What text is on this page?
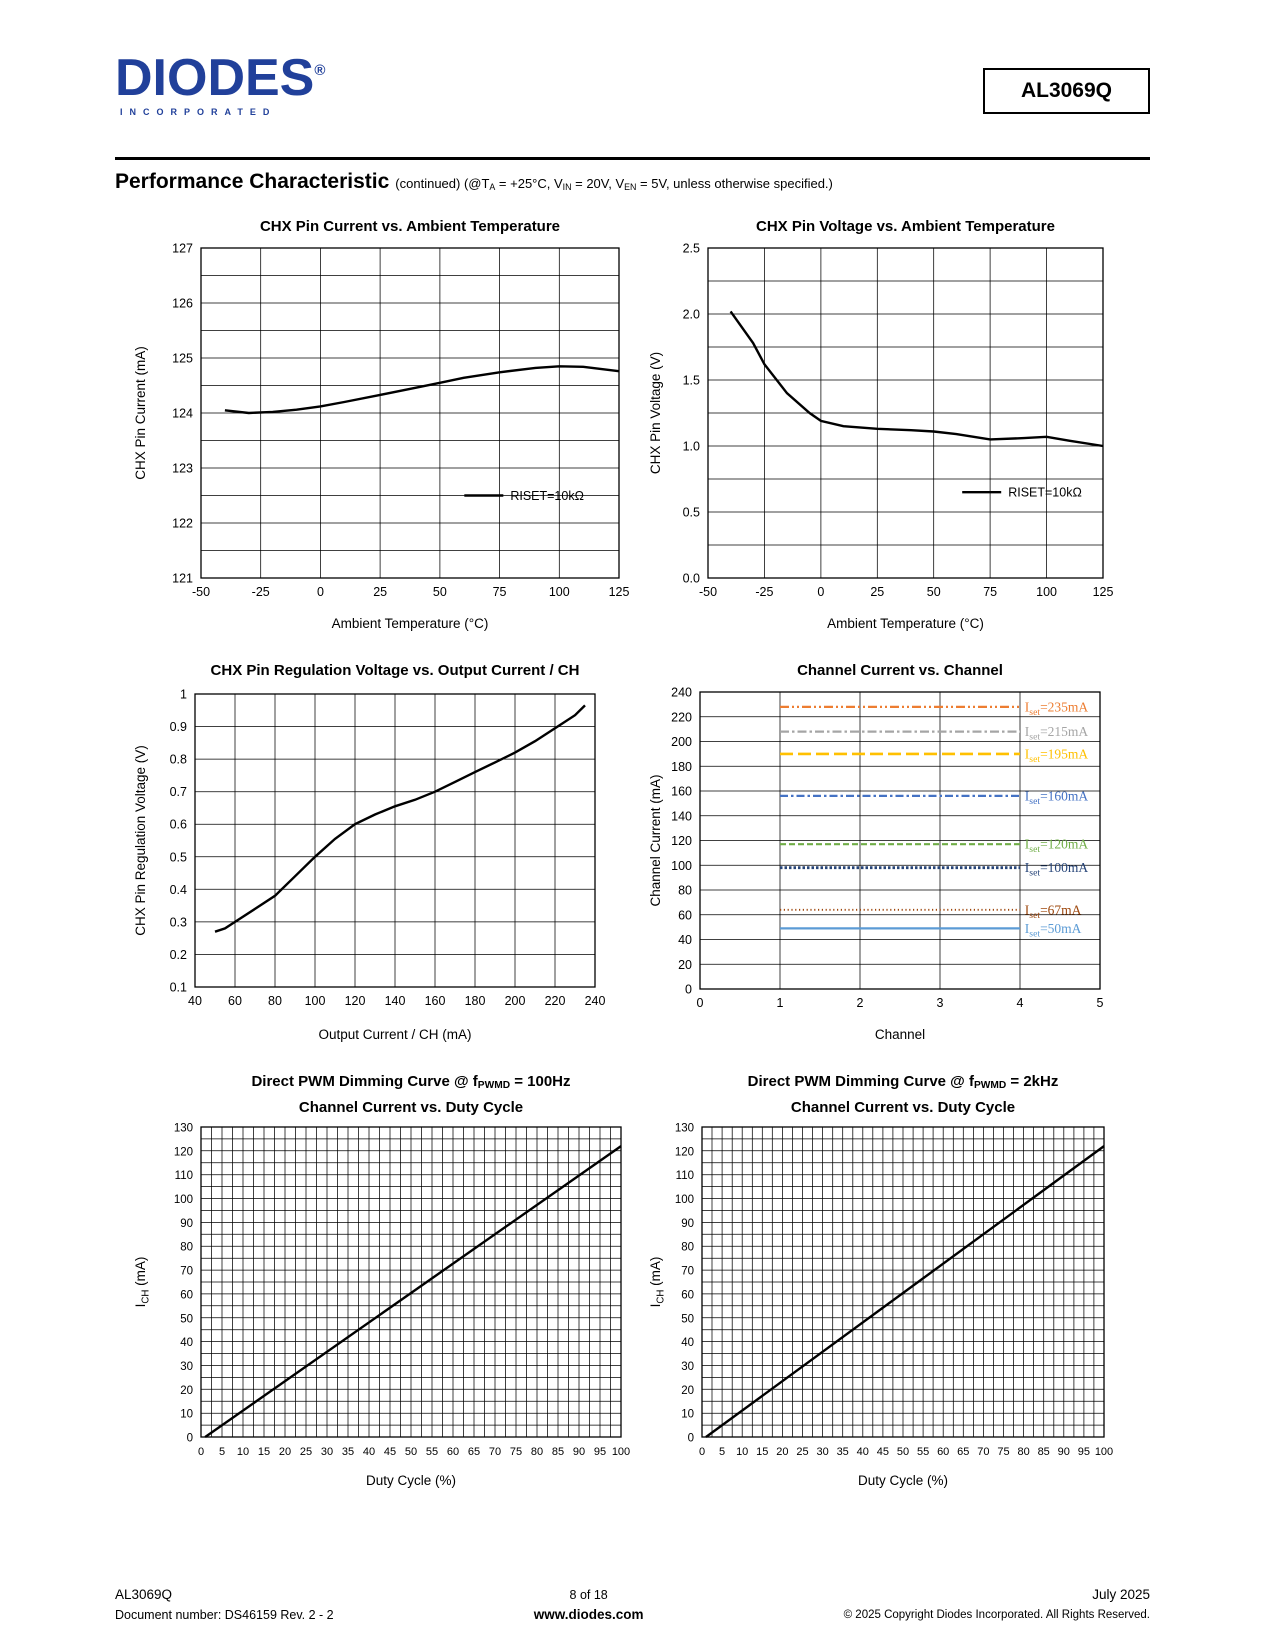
DIODES®
INCORPORATED
AL3069Q
Performance Characteristic (continued) ($@T_A = +25^\circ C$, $V_{IN} = 20V$, $V_{EN} = 5V$, unless otherwise specified.)
CHX Pin Current vs. Ambient Temperature
-50	-25	0	25	50	75	100	125
121
122
123
124
125
126
127
Ambient Temperature (°C)
CHX Pin Current (mA)
RISET=10kΩ
CHX Pin Voltage vs. Ambient Temperature
-50	-25	0	25	50	75	100	125
0.0
0.5
1.0
1.5
2.0
2.5
Ambient Temperature (°C)
CHX Pin Voltage (V)
RISET=10kΩ
CHX Pin Regulation Voltage vs. Output Current / CH
40 60 80 100 120 140 160 180 200 220 240
0.1
0.2
0.3
0.4
0.5
0.6
0.7
0.8
0.9
1
Output Current / CH (mA)
CHX Pin Regulation Voltage (V)
Channel Current vs. Channel
0	1	2	3	4	5
0
20
40
60
80
100
120
140
160
180
200
220
240
Channel
Channel Current (mA)
$I_{set}=235mA$
$I_{set}=215mA$
$I_{set}=195mA$
$I_{set}=160mA$
$I_{set}=120mA$
$I_{set}=100mA$
$I_{set}=67mA$
$I_{set}=50mA$
Direct PWM Dimming Curve @ $f_{PWMD} = 100Hz$
Channel Current vs. Duty Cycle
0 5 10 15 20 25 30 35 40 45 50 55 60 65 70 75 80 85 90 95 100
0
10
20
30
40
50
60
70
80
90
100
110
120
130
Duty Cycle (%)
$I_{CH}$ (mA)
Direct PWM Dimming Curve @ $f_{PWMD} = 2kHz$
Channel Current vs. Duty Cycle
0 5 10 15 20 25 30 35 40 45 50 55 60 65 70 75 80 85 90 95 100
0
10
20
30
40
50
60
70
80
90
100
110
120
130
Duty Cycle (%)
$I_{CH}$ (mA)
AL3069Q
Document number: DS46159 Rev. 2 - 2
8 of 18
www.diodes.com
July 2025
© 2025 Copyright Diodes Incorporated. All Rights Reserved.
